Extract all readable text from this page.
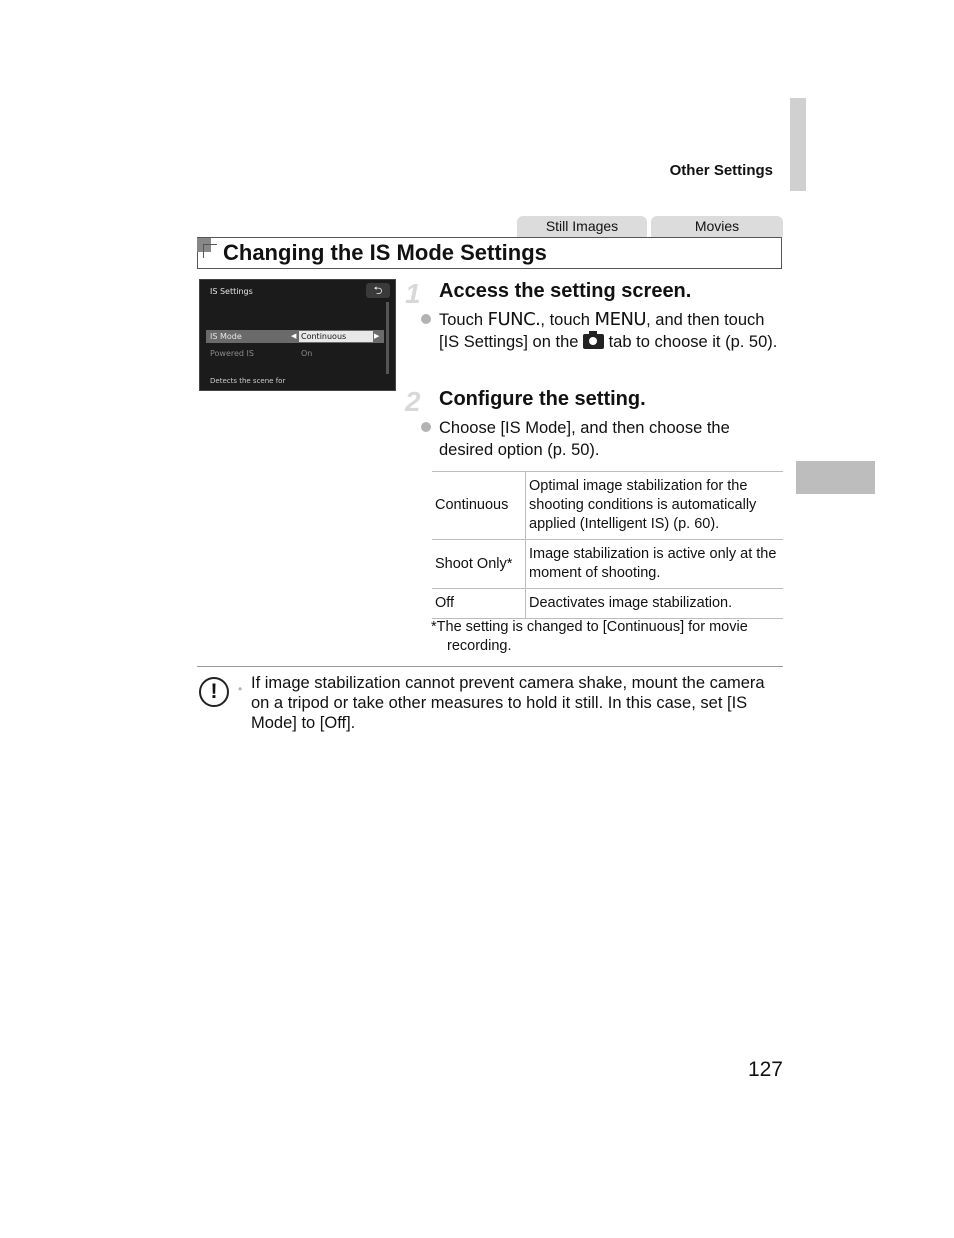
Other Settings
Still Images	Movies
Changing the IS Mode Settings
IS Settings	⮌
IS Mode	◀ Continuous	▶
Powered IS	On
Detects the scene for
1 Access the setting screen.
Touch FUNC., touch MENU, and then touch [IS Settings] on the  tab to choose it (p. 50).
2 Configure the setting.
Choose [IS Mode], and then choose the desired option (p. 50).
Continuous	Optimal image stabilization for the shooting conditions is automatically applied (Intelligent IS) (p. 60).
Shoot Only*	Image stabilization is active only at the moment of shooting.
Off	Deactivates image stabilization.
*The setting is changed to [Continuous] for movie
recording.
!	• If image stabilization cannot prevent camera shake, mount the camera on a tripod or take other measures to hold it still. In this case, set [IS Mode] to [Off].
127
